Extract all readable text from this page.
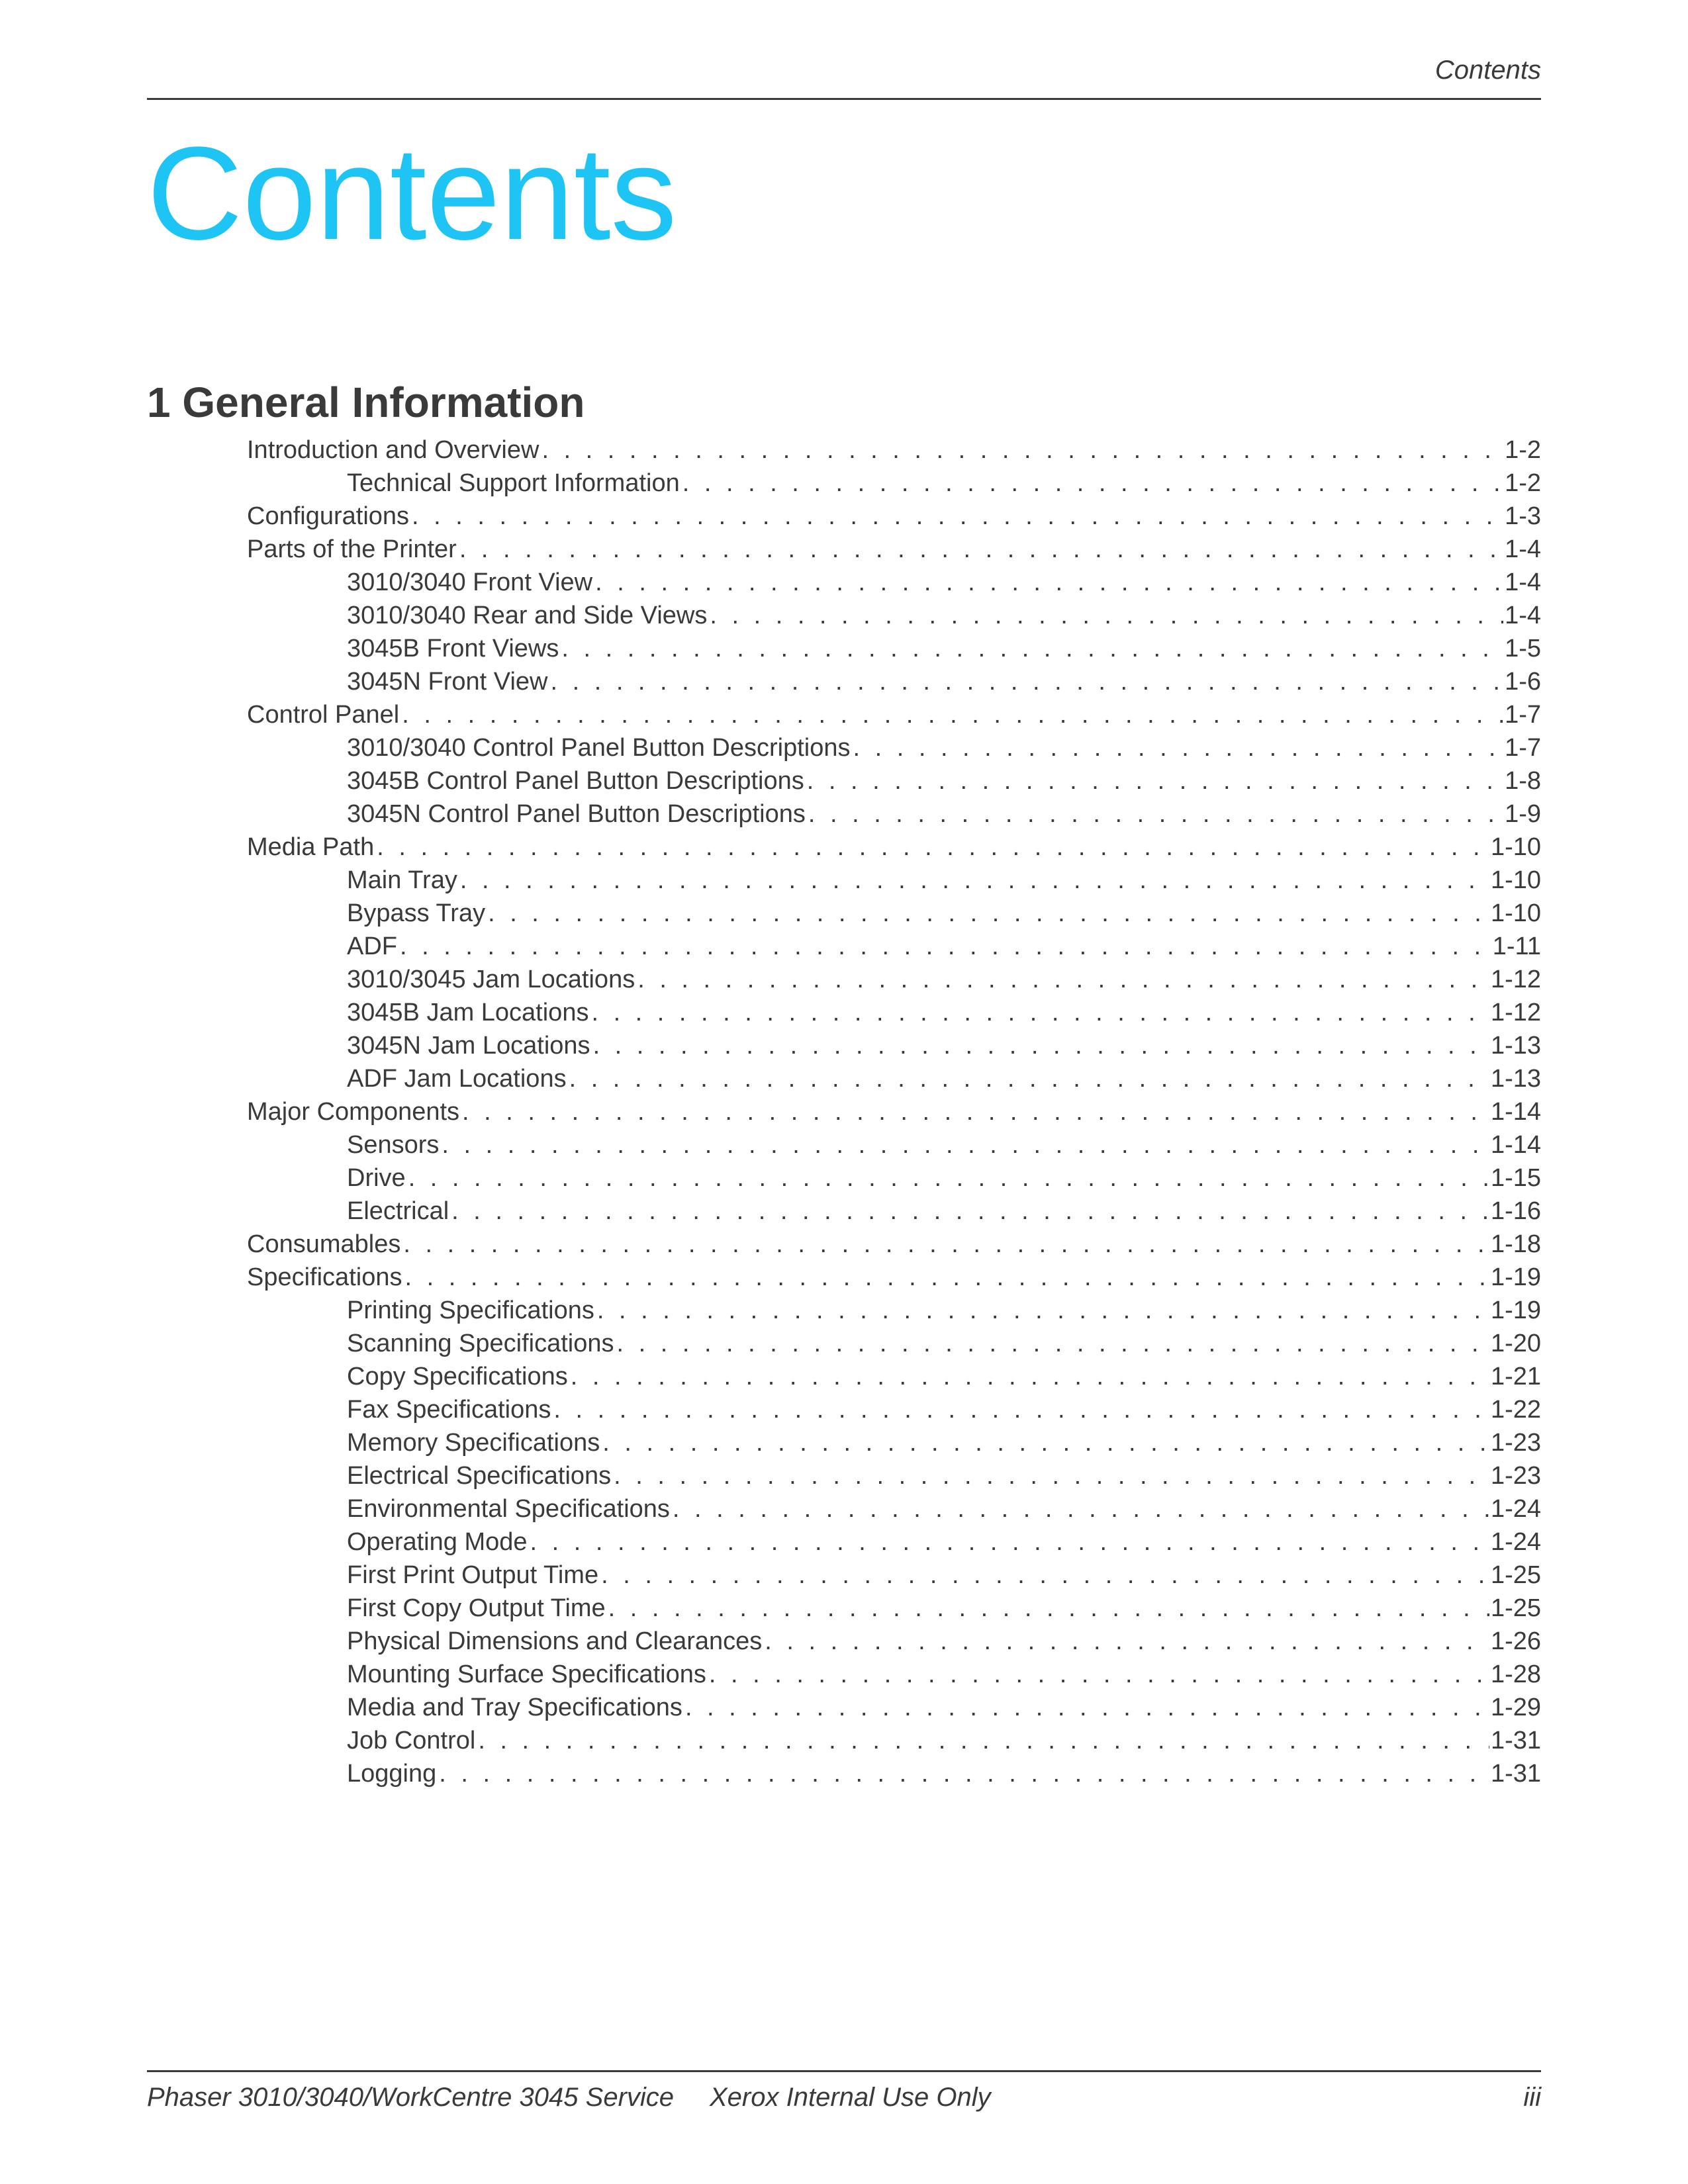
Contents
Contents
1 General Information
Introduction and Overview . . .	1-2
Technical Support Information . . .	1-2
Configurations . . .	1-3
Parts of the Printer . . .	1-4
3010/3040 Front View . . .	1-4
3010/3040 Rear and Side Views . . .	1-4
3045B Front Views . . .	1-5
3045N Front View . . .	1-6
Control Panel . . .	1-7
3010/3040 Control Panel Button Descriptions . . .	1-7
3045B Control Panel Button Descriptions . . .	1-8
3045N Control Panel Button Descriptions . . .	1-9
Media Path . . .	1-10
Main Tray . . .	1-10
Bypass Tray . . .	1-10
ADF . . .	1-11
3010/3045 Jam Locations . . .	1-12
3045B Jam Locations . . .	1-12
3045N Jam Locations . . .	1-13
ADF Jam Locations . . .	1-13
Major Components . . .	1-14
Sensors . . .	1-14
Drive . . .	1-15
Electrical . . .	1-16
Consumables . . .	1-18
Specifications . . .	1-19
Printing Specifications . . .	1-19
Scanning Specifications . . .	1-20
Copy Specifications . . .	1-21
Fax Specifications . . .	1-22
Memory Specifications . . .	1-23
Electrical Specifications . . .	1-23
Environmental Specifications . . .	1-24
Operating Mode . . .	1-24
First Print Output Time . . .	1-25
First Copy Output Time . . .	1-25
Physical Dimensions and Clearances . . .	1-26
Mounting Surface Specifications . . .	1-28
Media and Tray Specifications . . .	1-29
Job Control . . .	1-31
Logging . . .	1-31
Phaser 3010/3040/WorkCentre 3045 Service Xerox Internal Use Only	iii
